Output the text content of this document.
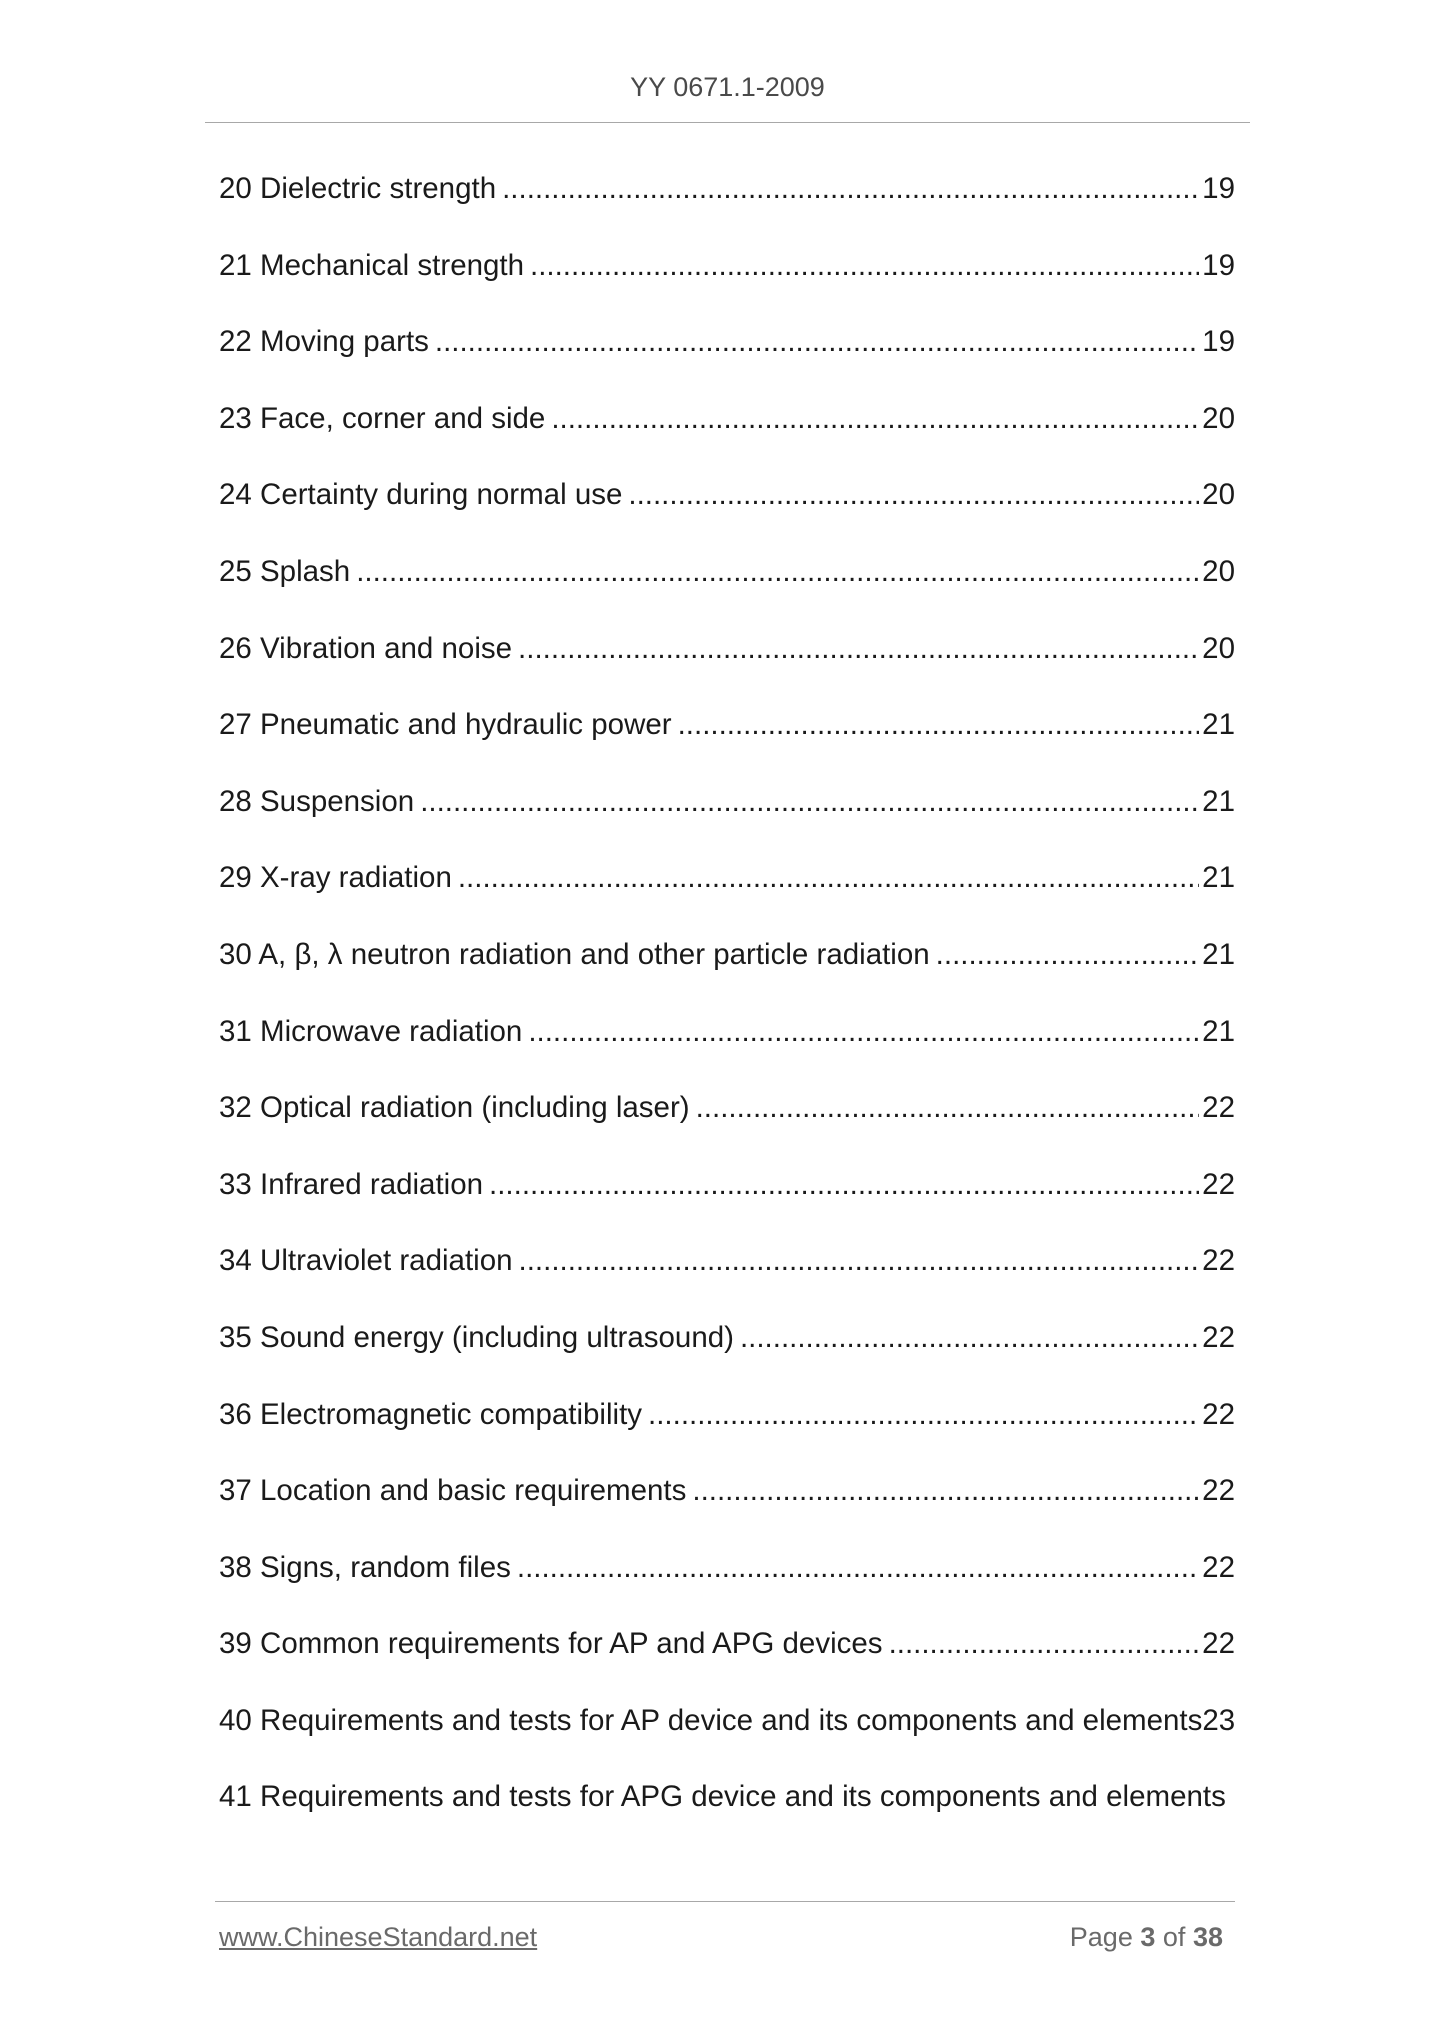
YY 0671.1-2009
20 Dielectric strength .....	19
21 Mechanical strength .....	19
22 Moving parts .....	19
23 Face, corner and side .....	20
24 Certainty during normal use .....	20
25 Splash .....	20
26 Vibration and noise .....	20
27 Pneumatic and hydraulic power .....	21
28 Suspension .....	21
29 X-ray radiation .....	21
30 A, β, λ neutron radiation and other particle radiation .....	21
31 Microwave radiation .....	21
32 Optical radiation (including laser) .....	22
33 Infrared radiation .....	22
34 Ultraviolet radiation .....	22
35 Sound energy (including ultrasound) .....	22
36 Electromagnetic compatibility .....	22
37 Location and basic requirements .....	22
38 Signs, random files .....	22
39 Common requirements for AP and APG devices .....	22
40 Requirements and tests for AP device and its components and elements 23
41 Requirements and tests for APG device and its components and elements
www.ChineseStandard.net	Page 3 of 38
